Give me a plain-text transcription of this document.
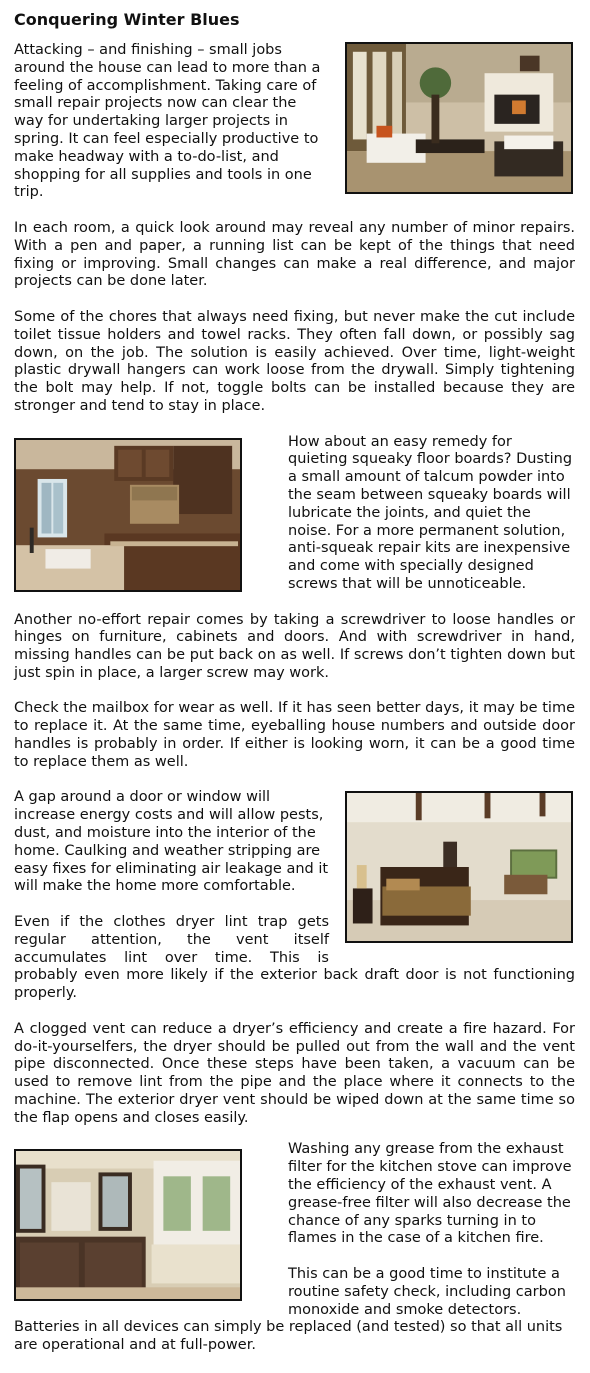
Conquering Winter Blues

Attacking – and finishing – small jobs around the house can lead to more than a feeling of accomplishment. Taking care of small repair projects now can clear the way for undertaking larger projects in spring. It can feel especially productive to make headway with a to-do-list, and shopping for all supplies and tools in one trip.

In each room, a quick look around may reveal any number of minor repairs. With a pen and paper, a running list can be kept of the things that need fixing or improving. Small changes can make a real difference, and major projects can be done later.

Some of the chores that always need fixing, but never make the cut include toilet tissue holders and towel racks. They often fall down, or possibly sag down, on the job. The solution is easily achieved. Over time, light-weight plastic drywall hangers can work loose from the drywall. Simply tightening the bolt may help. If not, toggle bolts can be installed because they are stronger and tend to stay in place.

How about an easy remedy for quieting squeaky floor boards? Dusting a small amount of talcum powder into the seam between squeaky boards will lubricate the joints, and quiet the noise. For a more permanent solution, anti-squeak repair kits are inexpensive and come with specially designed screws that will be unnoticeable.

Another no-effort repair comes by taking a screwdriver to loose handles or hinges on furniture, cabinets and doors. And with screwdriver in hand, missing handles can be put back on as well. If screws don’t tighten down but just spin in place, a larger screw may work.

Check the mailbox for wear as well. If it has seen better days, it may be time to replace it. At the same time, eyeballing house numbers and outside door handles is probably in order. If either is looking worn, it can be a good time to replace them as well.

A gap around a door or window will increase energy costs and will allow pests, dust, and moisture into the interior of the home. Caulking and weather stripping are easy fixes for eliminating air leakage and it will make the home more comfortable.

Even if the clothes dryer lint trap gets regular attention, the vent itself accumulates lint over time. This is probably even more likely if the exterior back draft door is not functioning properly.

A clogged vent can reduce a dryer’s efficiency and create a fire hazard. For do-it-yourselfers, the dryer should be pulled out from the wall and the vent pipe disconnected. Once these steps have been taken, a vacuum can be used to remove lint from the pipe and the place where it connects to the machine. The exterior dryer vent should be wiped down at the same time so the flap opens and closes easily.

Washing any grease from the exhaust filter for the kitchen stove can improve the efficiency of the exhaust vent. A grease-free filter will also decrease the chance of any sparks turning in to flames in the case of a kitchen fire.

This can be a good time to institute a routine safety check, including carbon monoxide and smoke detectors. Batteries in all devices can simply be replaced (and tested) so that all units are operational and at full-power.
